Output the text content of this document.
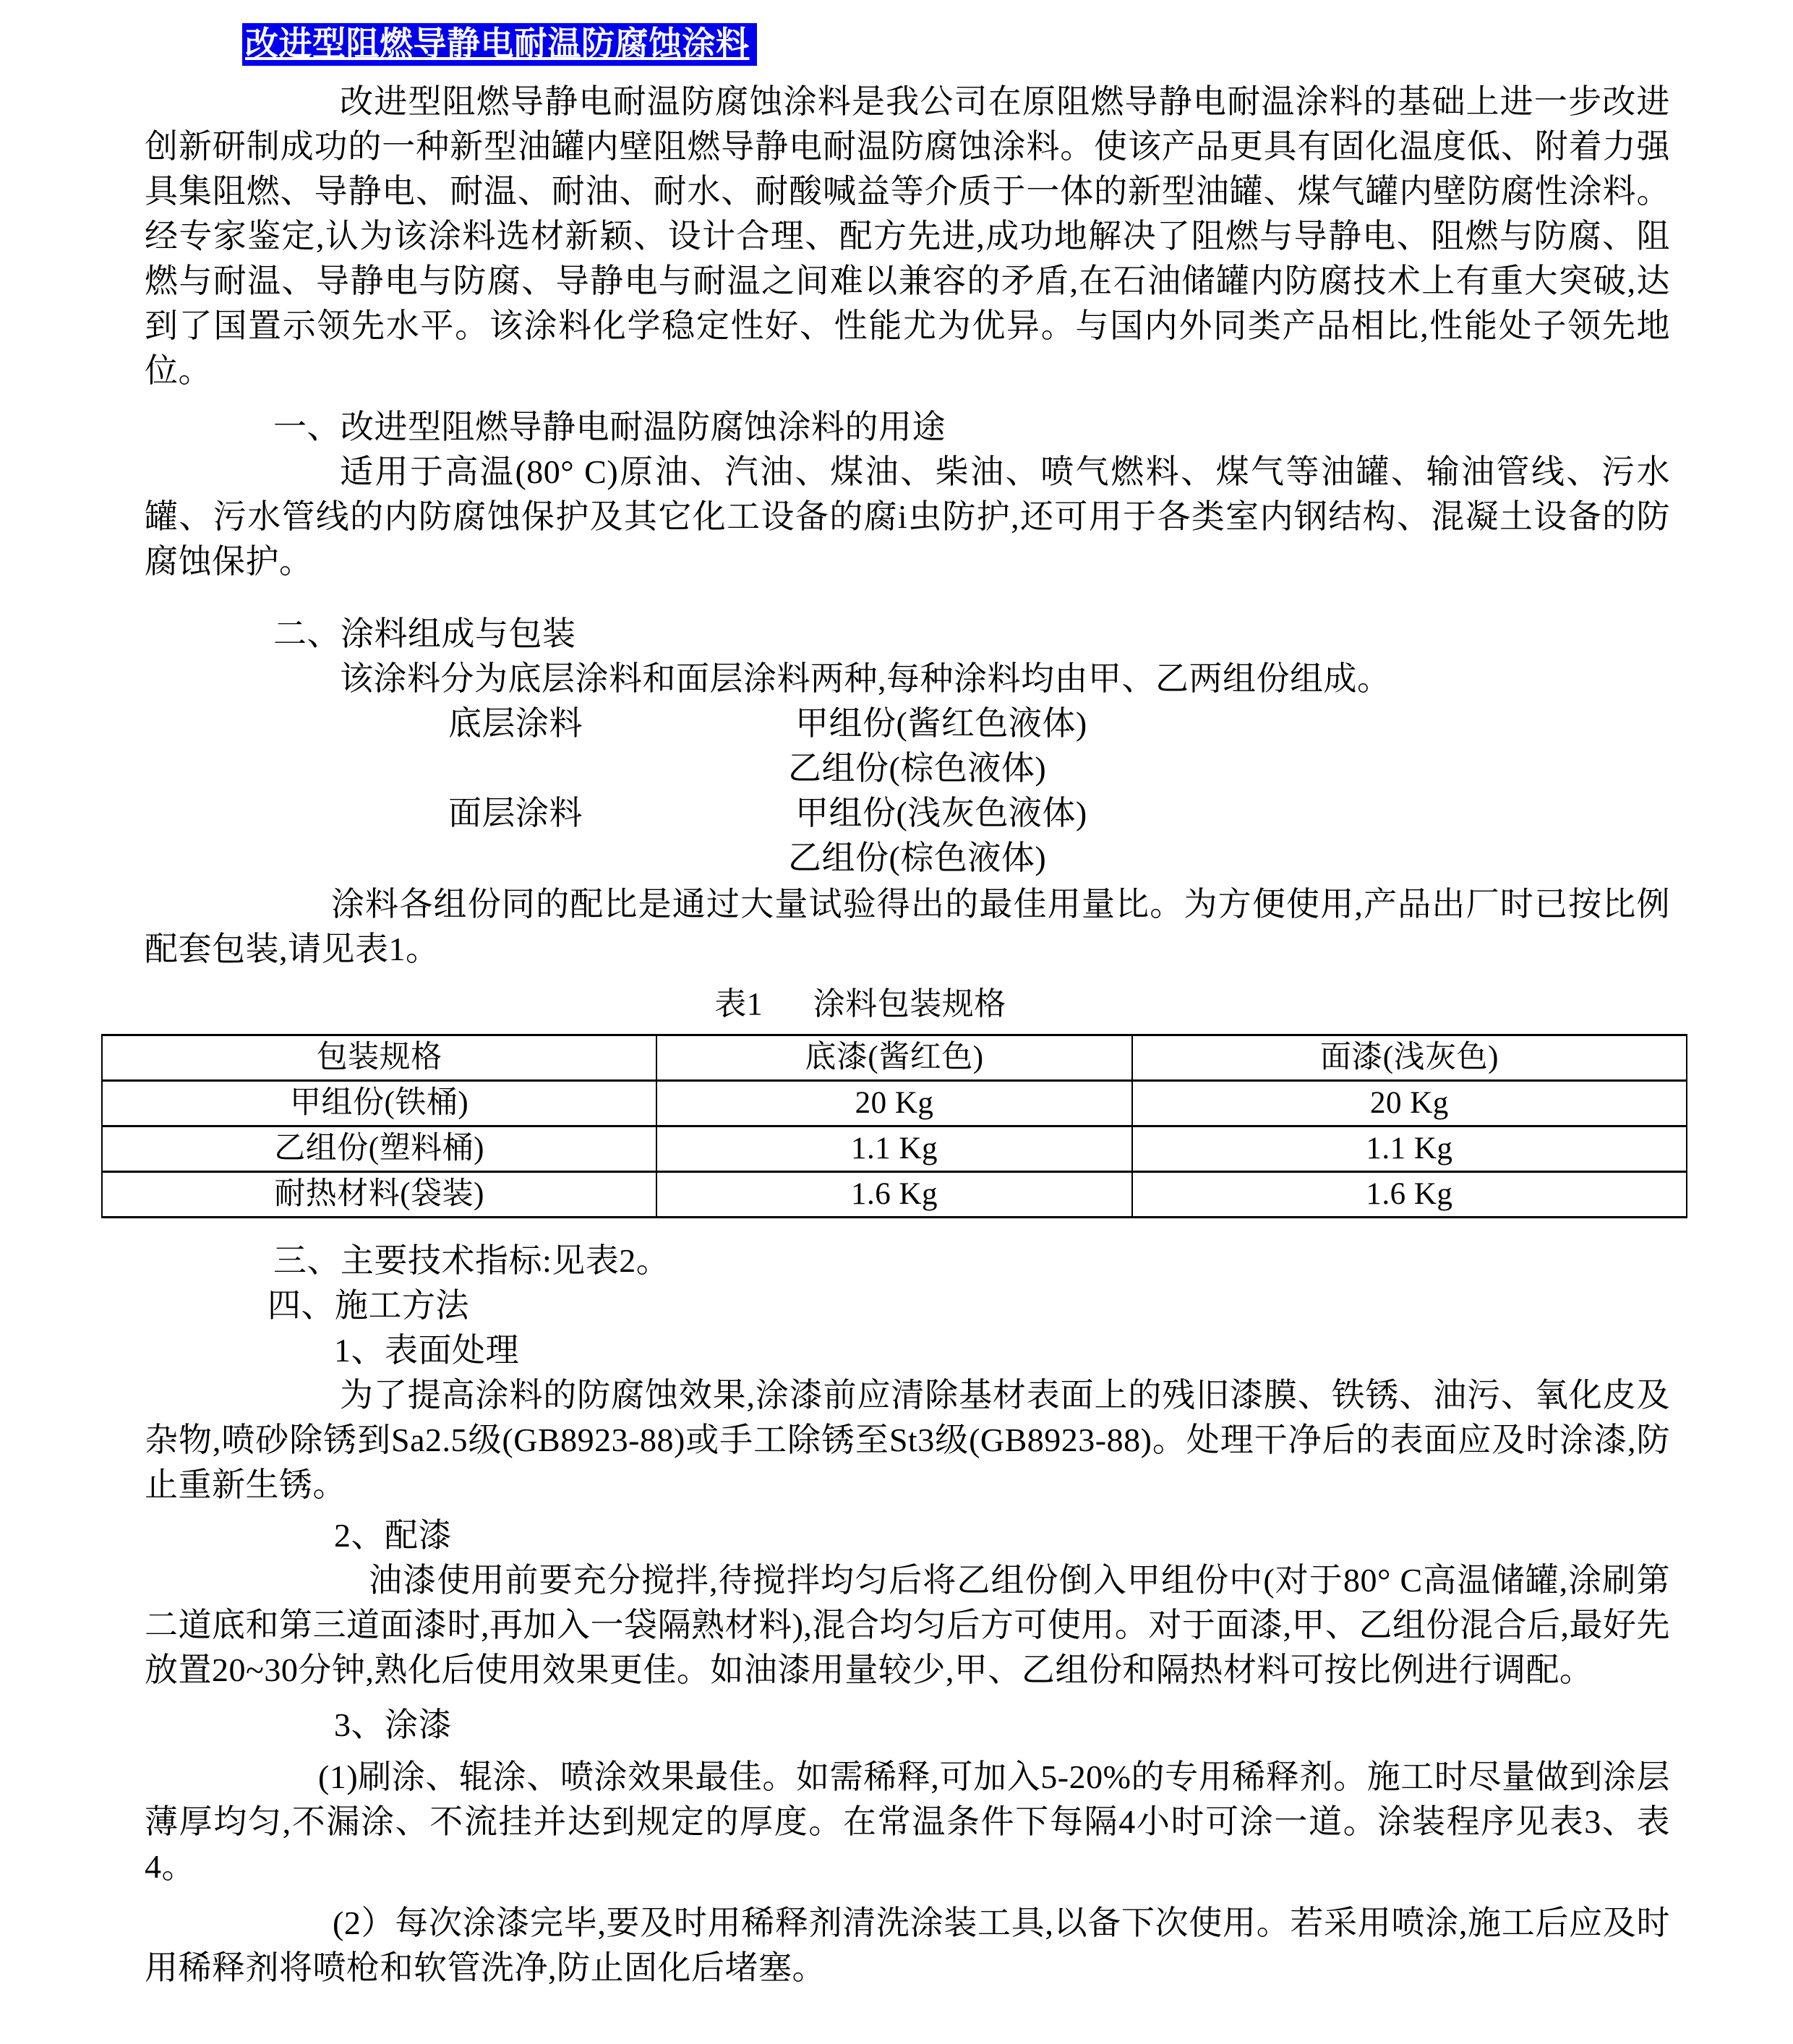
改进型阻燃导静电耐温防腐蚀涂料

改进型阻燃导静电耐温防腐蚀涂料是我公司在原阻燃导静电耐温涂料的基础上进一步改进创新研制成功的一种新型油罐内壁阻燃导静电耐温防腐蚀涂料。使该产品更具有固化温度低、附着力强具集阻燃、导静电、耐温、耐油、耐水、耐酸喊益等介质于一体的新型油罐、煤气罐内壁防腐性涂料。经专家鉴定,认为该涂料选材新颖、设计合理、配方先进,成功地解决了阻燃与导静电、阻燃与防腐、阻燃与耐温、导静电与防腐、导静电与耐温之间难以兼容的矛盾,在石油储罐内防腐技术上有重大突破,达到了国置示领先水平。该涂料化学稳定性好、性能尤为优异。与国内外同类产品相比,性能处子领先地位。

一、改进型阻燃导静电耐温防腐蚀涂料的用途

适用于高温(80° C)原油、汽油、煤油、柴油、喷气燃料、煤气等油罐、输油管线、污水罐、污水管线的内防腐蚀保护及其它化工设备的腐i虫防护,还可用于各类室内钢结构、混凝土设备的防腐蚀保护。

二、涂料组成与包装

该涂料分为底层涂料和面层涂料两种,每种涂料均由甲、乙两组份组成。

底层涂料	甲组份(酱红色液体)
乙组份(棕色液体)
面层涂料	甲组份(浅灰色液体)
乙组份(棕色液体)

涂料各组份同的配比是通过大量试验得出的最佳用量比。为方便使用,产品出厂时已按比例配套包装,请见表1。

表1 涂料包装规格
包装规格	底漆(酱红色)	面漆(浅灰色)
甲组份(铁桶)	20 Kg	20 Kg
乙组份(塑料桶)	1.1 Kg	1.1 Kg
耐热材料(袋装)	1.6 Kg	1.6 Kg

三、主要技术指标:见表2。

四、施工方法

1、表面处理

为了提高涂料的防腐蚀效果,涂漆前应清除基材表面上的残旧漆膜、铁锈、油污、氧化皮及杂物,喷砂除锈到Sa2.5级(GB8923-88)或手工除锈至St3级(GB8923-88)。处理干净后的表面应及时涂漆,防止重新生锈。

2、配漆

油漆使用前要充分搅拌,待搅拌均匀后将乙组份倒入甲组份中(对于80° C高温储罐,涂刷第二道底和第三道面漆时,再加入一袋隔熟材料),混合均匀后方可使用。对于面漆,甲、乙组份混合后,最好先放置20~30分钟,熟化后使用效果更佳。如油漆用量较少,甲、乙组份和隔热材料可按比例进行调配。

3、涂漆

(1)刷涂、辊涂、喷涂效果最佳。如需稀释,可加入5-20%的专用稀释剂。施工时尽量做到涂层薄厚均匀,不漏涂、不流挂并达到规定的厚度。在常温条件下每隔4小时可涂一道。涂装程序见表3、表4。

(2）每次涂漆完毕,要及时用稀释剂清洗涂装工具,以备下次使用。若采用喷涂,施工后应及时用稀释剂将喷枪和软管洗净,防止固化后堵塞。
